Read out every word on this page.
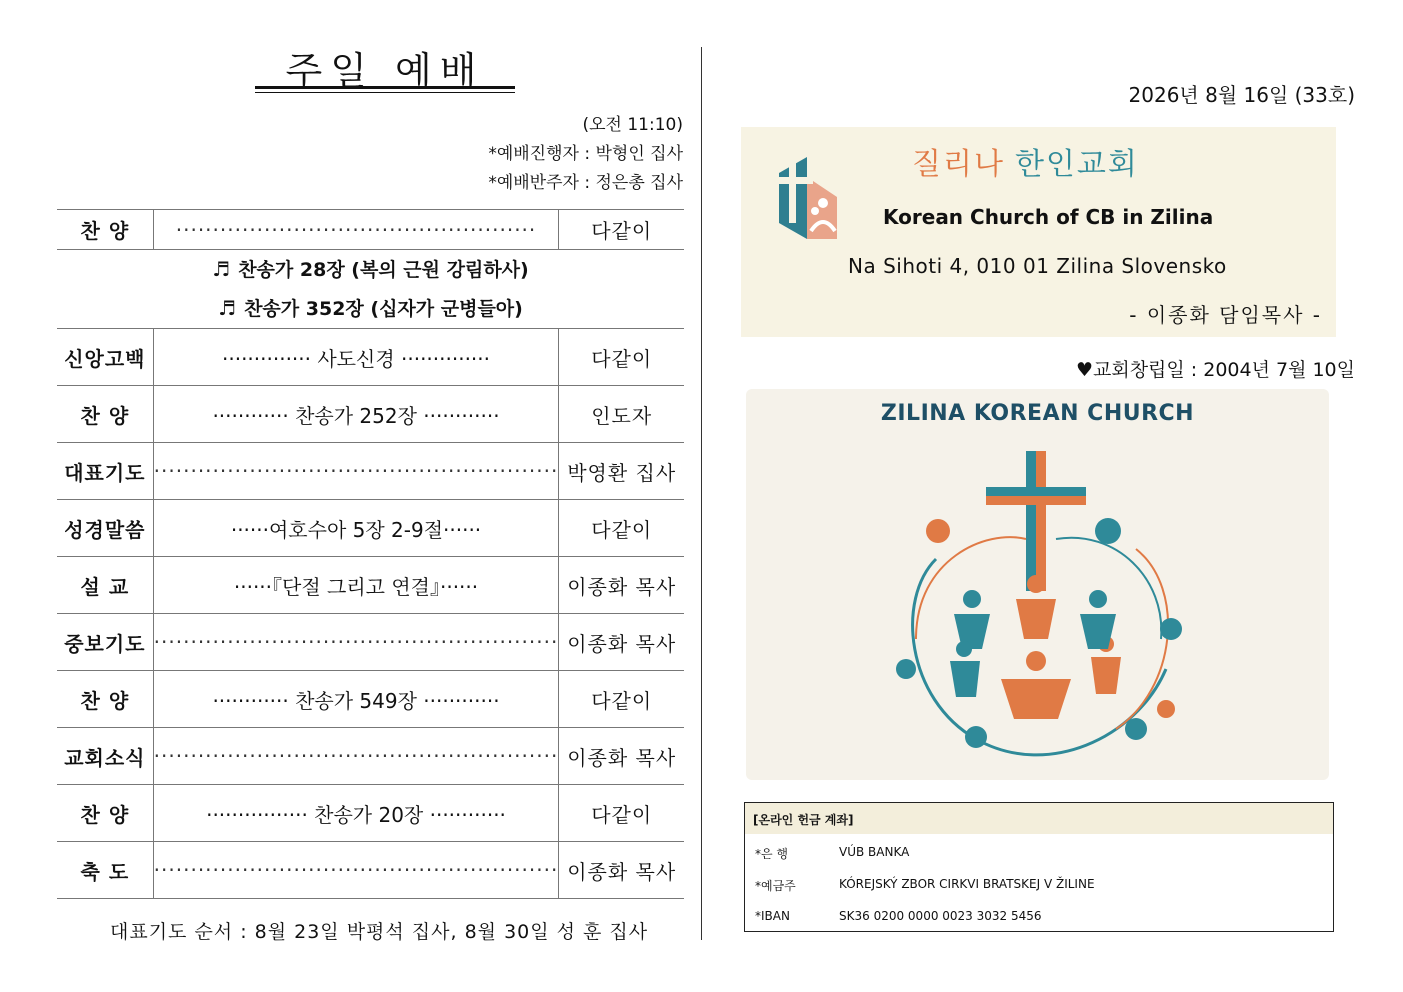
주일 예배
(오전 11:10)
*예배진행자 : 박형인 집사
*예배반주자 : 정은총 집사
찬 양	·················································	다같이

♬ 찬송가 28장 (복의 근원 강림하사)
♬ 찬송가 352장 (십자가 군병들아)		

신앙고백	·············· 사도신경 ··············	다같이
찬 양	············ 찬송가 252장 ············	인도자
대표기도	·······················································	박영환 집사
성경말씀	······여호수아 5장 2-9절······	다같이
설 교	······『단절 그리고 연결』······	이종화 목사
중보기도	·······················································	이종화 목사
찬 양	············ 찬송가 549장 ············	다같이
교회소식	·······················································	이종화 목사
찬 양	················ 찬송가 20장 ············	다같이
축 도	·······················································	이종화 목사
대표기도 순서 : 8월 23일 박평석 집사, 8월 30일 성 훈 집사
2026년 8월 16일 (33호)
질리나 한인교회
Korean Church of CB in Zilina
Na Sihoti 4, 010 01 Zilina Slovensko
- 이종화 담임목사 -
♥교회창립일 : 2004년 7월 10일
ZILINA KOREAN CHURCH
[온라인 헌금 계좌]
*은 행	VÚB BANKA
*예금주	KÓREJSKÝ ZBOR CIRKVI BRATSKEJ V ŽILINE
*IBAN	SK36 0200 0000 0023 3032 5456
